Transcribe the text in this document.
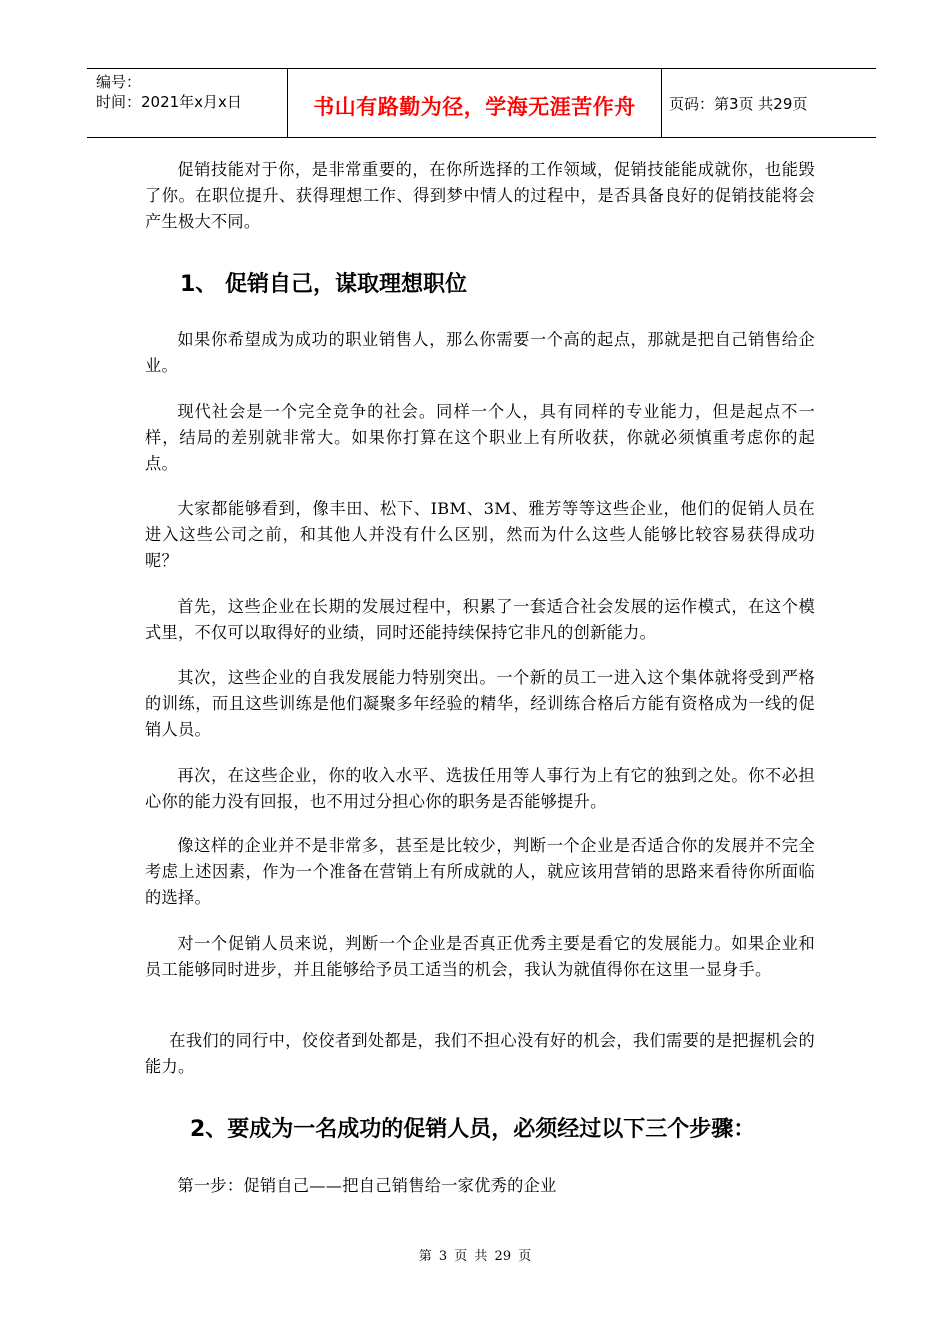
编号：
时间：2021年x月x日	书山有路勤为径，学海无涯苦作舟	页码：第3页 共29页

促销技能对于你，是非常重要的，在你所选择的工作领域，促销技能能成就你，也能毁了你。在职位提升、获得理想工作、得到梦中情人的过程中，是否具备良好的促销技能将会产生极大不同。

1、 促销自己，谋取理想职位

如果你希望成为成功的职业销售人，那么你需要一个高的起点，那就是把自己销售给企业。

现代社会是一个完全竞争的社会。同样一个人，具有同样的专业能力，但是起点不一样，结局的差别就非常大。如果你打算在这个职业上有所收获，你就必须慎重考虑你的起点。

大家都能够看到，像丰田、松下、IBM、3M、雅芳等等这些企业，他们的促销人员在进入这些公司之前，和其他人并没有什么区别，然而为什么这些人能够比较容易获得成功呢？

首先，这些企业在长期的发展过程中，积累了一套适合社会发展的运作模式，在这个模式里，不仅可以取得好的业绩，同时还能持续保持它非凡的创新能力。

其次，这些企业的自我发展能力特别突出。一个新的员工一进入这个集体就将受到严格的训练，而且这些训练是他们凝聚多年经验的精华，经训练合格后方能有资格成为一线的促销人员。

再次，在这些企业，你的收入水平、选拔任用等人事行为上有它的独到之处。你不必担心你的能力没有回报，也不用过分担心你的职务是否能够提升。

像这样的企业并不是非常多，甚至是比较少，判断一个企业是否适合你的发展并不完全考虑上述因素，作为一个准备在营销上有所成就的人，就应该用营销的思路来看待你所面临的选择。

对一个促销人员来说，判断一个企业是否真正优秀主要是看它的发展能力。如果企业和员工能够同时进步，并且能够给予员工适当的机会，我认为就值得你在这里一显身手。

在我们的同行中，佼佼者到处都是，我们不担心没有好的机会，我们需要的是把握机会的能力。

2、要成为一名成功的促销人员，必须经过以下三个步骤：

第一步：促销自己——把自己销售给一家优秀的企业

第 3 页 共 29 页
